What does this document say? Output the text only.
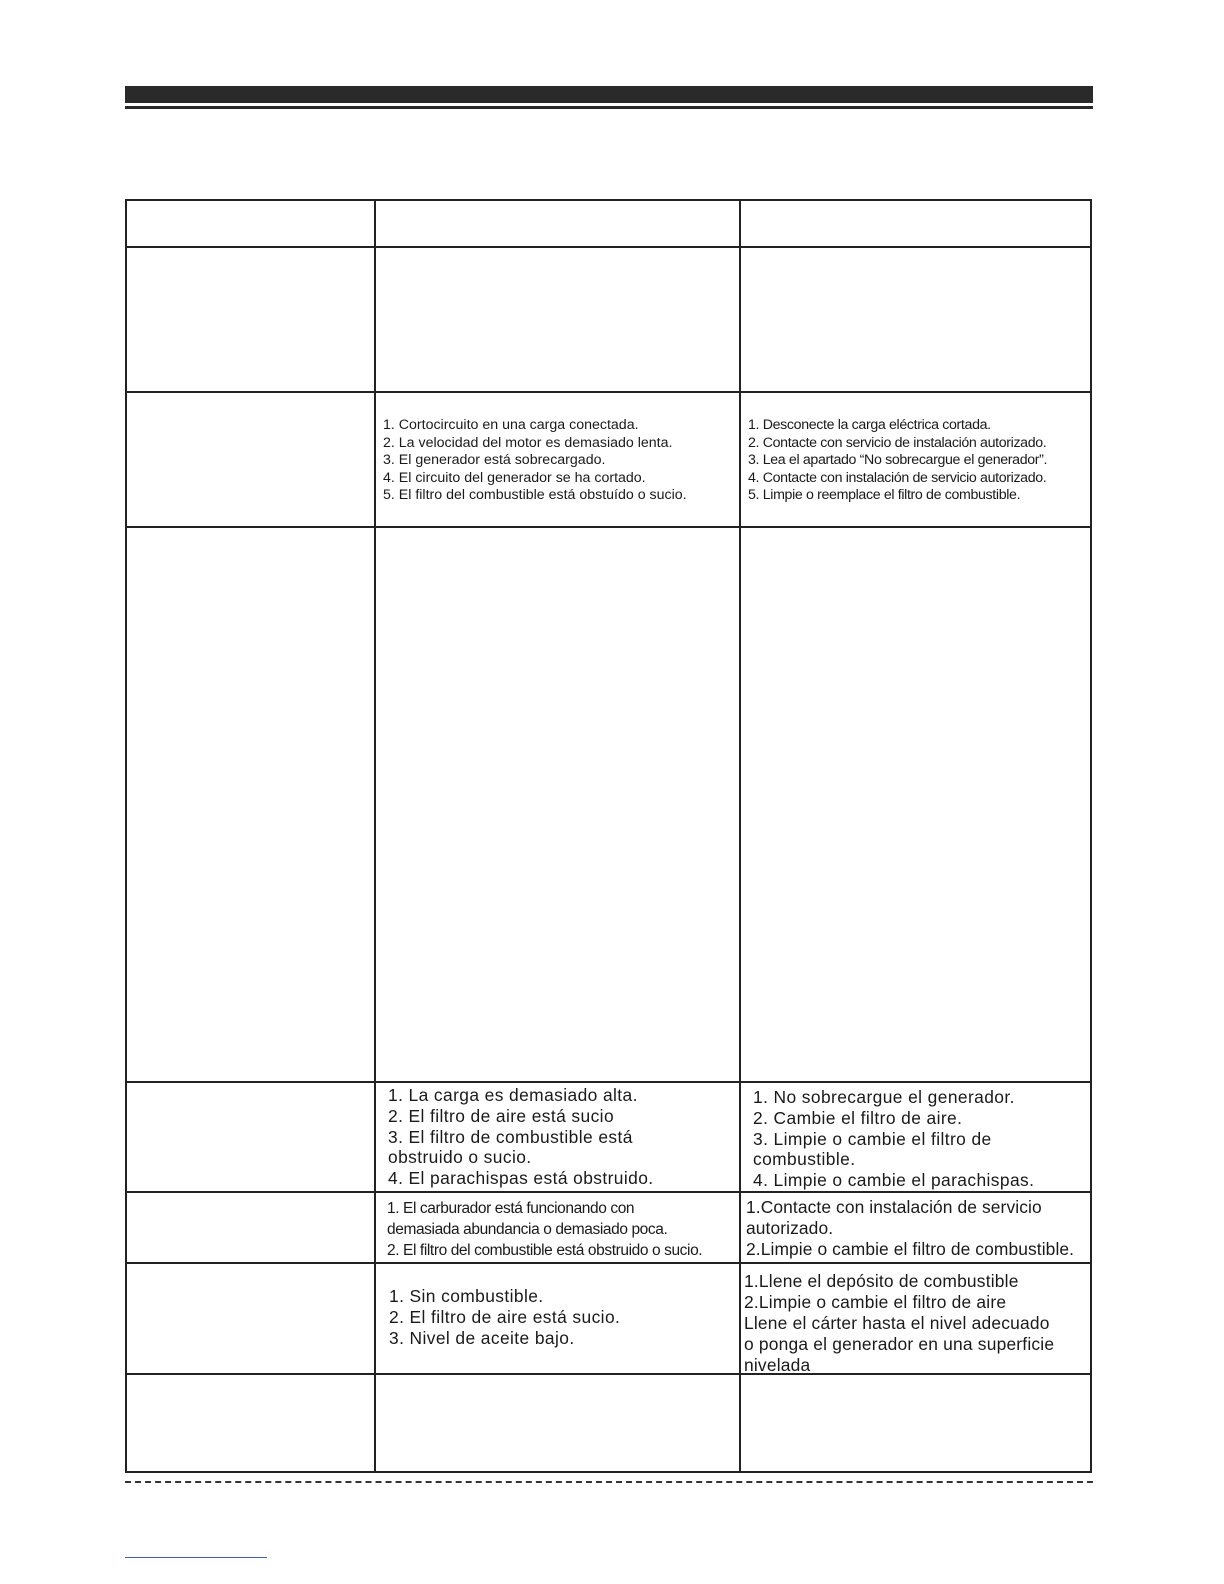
1. Cortocircuito en una carga conectada.
2. La velocidad del motor es demasiado lenta.
3. El generador está sobrecargado.
4. El circuito del generador se ha cortado.
5. El filtro del combustible está obstuído o sucio.
1. Desconecte la carga eléctrica cortada.
2. Contacte con servicio de instalación autorizado.
3. Lea el apartado “No sobrecargue el generador”.
4. Contacte con instalación de servicio autorizado.
5. Limpie o reemplace el filtro de combustible.
1. La carga es demasiado alta.
2. El filtro de aire está sucio
3. El filtro de combustible está
obstruido o sucio.
4. El parachispas está obstruido.
1. No sobrecargue el generador.
2. Cambie el filtro de aire.
3. Limpie o cambie el filtro de
combustible.
4. Limpie o cambie el parachispas.
1. El carburador está funcionando con
demasiada abundancia o demasiado poca.
2. El filtro del combustible está obstruido o sucio.
1.Contacte con instalación de servicio
autorizado.
2.Limpie o cambie el filtro de combustible.
1. Sin combustible.
2. El filtro de aire está sucio.
3. Nivel de aceite bajo.
1.Llene el depósito de combustible
2.Limpie o cambie el filtro de aire
Llene el cárter hasta el nivel adecuado
o ponga el generador en una superficie
nivelada
